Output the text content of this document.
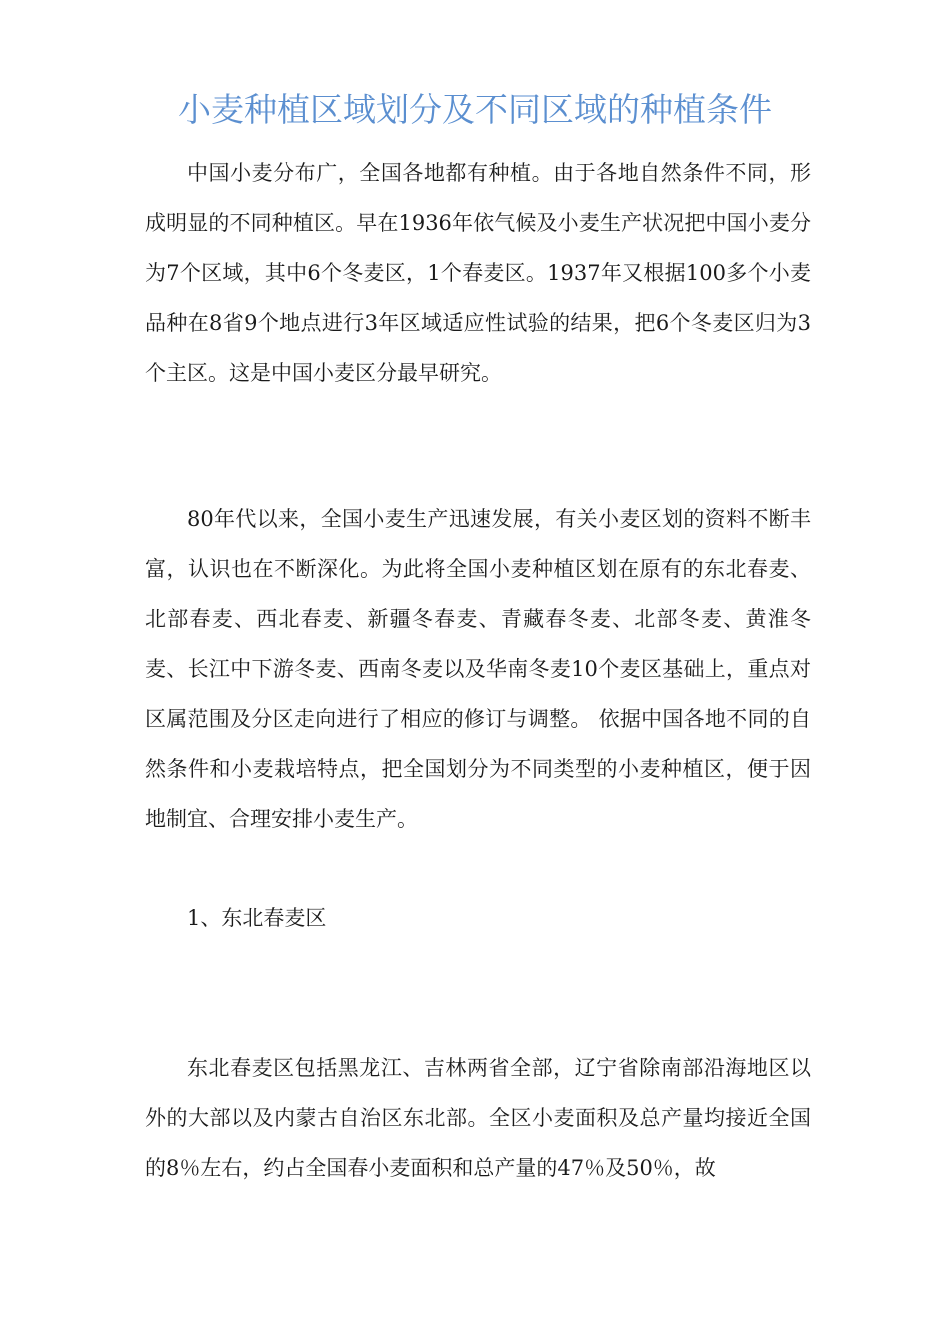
小麦种植区域划分及不同区域的种植条件

中国小麦分布广，全国各地都有种植。由于各地自然条件不同，形成明显的不同种植区。早在1936年依气候及小麦生产状况把中国小麦分为7个区域，其中6个冬麦区，1个春麦区。1937年又根据100多个小麦品种在8省9个地点进行3年区域适应性试验的结果，把6个冬麦区归为3个主区。这是中国小麦区分最早研究。

80年代以来，全国小麦生产迅速发展，有关小麦区划的资料不断丰富，认识也在不断深化。为此将全国小麦种植区划在原有的东北春麦、北部春麦、西北春麦、新疆冬春麦、青藏春冬麦、北部冬麦、黄淮冬麦、长江中下游冬麦、西南冬麦以及华南冬麦10个麦区基础上，重点对区属范围及分区走向进行了相应的修订与调整。 依据中国各地不同的自然条件和小麦栽培特点，把全国划分为不同类型的小麦种植区，便于因地制宜、合理安排小麦生产。

1、东北春麦区

东北春麦区包括黑龙江、吉林两省全部，辽宁省除南部沿海地区以外的大部以及内蒙古自治区东北部。全区小麦面积及总产量均接近全国的8％左右，约占全国春小麦面积和总产量的47％及50％，故
